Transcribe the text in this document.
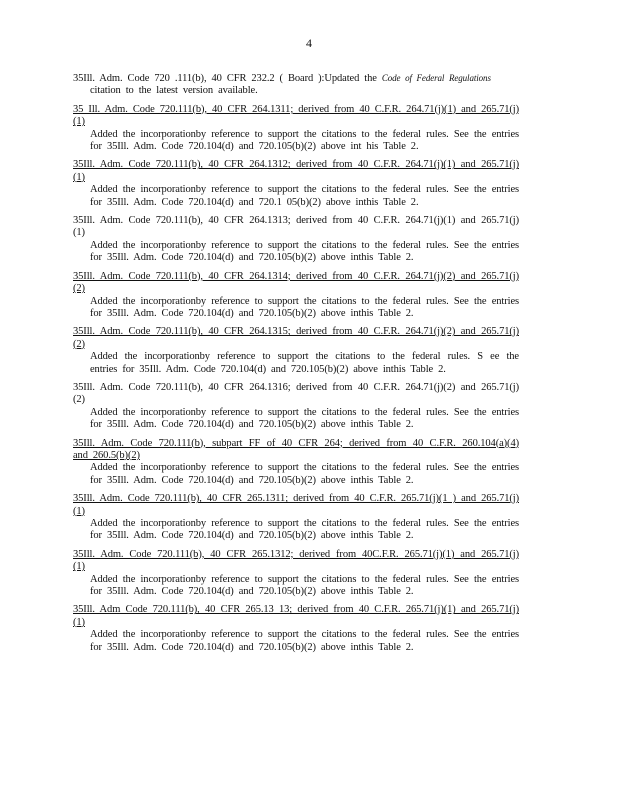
4
35Ill. Adm. Code 720 .111(b), 40 CFR 232.2 ( Board ):Updated the Code of Federal Regulations
citation to the latest version available.
35 Ill. Adm. Code 720.111(b), 40 CFR 264.1311; derived from 40 C.F.R. 264.71(j)(1) and 265.71(j)(1)
Added the incorporationby reference to support the citations to the federal rules. See the entries for 35Ill. Adm. Code 720.104(d) and 720.105(b)(2) above int his Table 2.
35Ill. Adm. Code 720.111(b), 40 CFR 264.1312; derived from 40 C.F.R. 264.71(j)(1) and 265.71(j)(1)
Added the incorporationby reference to support the citations to the federal rules. See the entries for 35Ill. Adm. Code 720.104(d) and 720.1 05(b)(2) above inthis Table 2.
35Ill. Adm. Code 720.111(b), 40 CFR 264.1313; derived from 40 C.F.R. 264.71(j)(1) and 265.71(j)(1)
Added the incorporationby reference to support the citations to the federal rules. See the entries for 35Ill. Adm. Code 720.104(d) and 720.105(b)(2) above inthis Table 2.
35Ill. Adm. Code 720.111(b), 40 CFR 264.1314; derived from 40 C.F.R. 264.71(j)(2) and 265.71(j)(2)
Added the incorporationby reference to support the citations to the federal rules. See the entries for 35Ill. Adm. Code 720.104(d) and 720.105(b)(2) above inthis Table 2.
35Ill. Adm. Code 720.111(b), 40 CFR 264.1315; derived from 40 C.F.R. 264.71(j)(2) and 265.71(j)(2)
Added the incorporationby reference to support the citations to the federal rules. S ee the entries for 35Ill. Adm. Code 720.104(d) and 720.105(b)(2) above inthis Table 2.
35Ill. Adm. Code 720.111(b), 40 CFR 264.1316; derived from 40 C.F.R. 264.71(j)(2) and 265.71(j)(2)
Added the incorporationby reference to support the citations to the federal rules. See the entries for 35Ill. Adm. Code 720.104(d) and 720.105(b)(2) above inthis Table 2.
35Ill. Adm. Code 720.111(b), subpart FF of 40 CFR 264; derived from 40 C.F.R. 260.104(a)(4) and 260.5(b)(2)
Added the incorporationby reference to support the citations to the federal rules. See the entries for 35Ill. Adm. Code 720.104(d) and 720.105(b)(2) above inthis Table 2.
35Ill. Adm. Code 720.111(b), 40 CFR 265.1311; derived from 40 C.F.R. 265.71(j)(1 ) and 265.71(j)(1)
Added the incorporationby reference to support the citations to the federal rules. See the entries for 35Ill. Adm. Code 720.104(d) and 720.105(b)(2) above inthis Table 2.
35Ill. Adm. Code 720.111(b), 40 CFR 265.1312; derived from 40C.F.R. 265.71(j)(1) and 265.71(j)(1)
Added the incorporationby reference to support the citations to the federal rules. See the entries for 35Ill. Adm. Code 720.104(d) and 720.105(b)(2) above inthis Table 2.
35Ill. Adm Code 720.111(b), 40 CFR 265.13 13; derived from 40 C.F.R. 265.71(j)(1) and 265.71(j)(1)
Added the incorporationby reference to support the citations to the federal rules. See the entries for 35Ill. Adm. Code 720.104(d) and 720.105(b)(2) above inthis Table 2.
